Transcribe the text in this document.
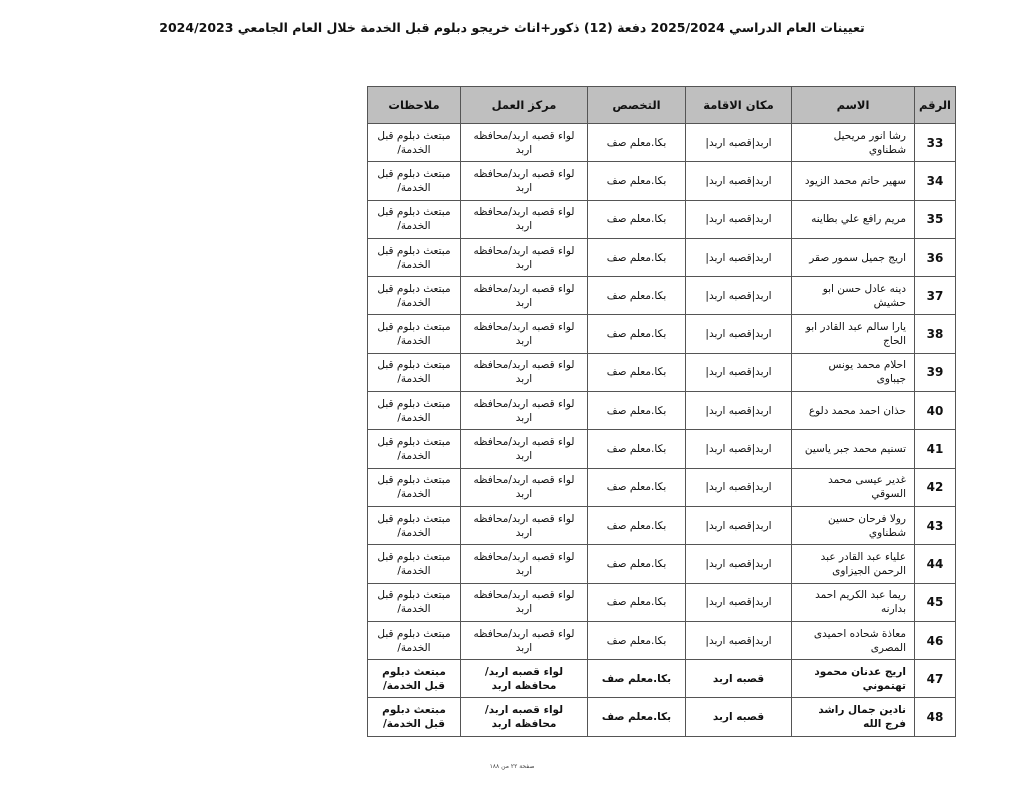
تعيينات العام الدراسي 2025/2024 دفعة (12) ذكور+اناث خريجو دبلوم قبل الخدمة خلال العام الجامعي 2024/2023
الرقم	الاسم	مكان الاقامة	التخصص	مركز العمل	ملاحظات
33	رشا انور مريحيل شطناوي	اربد|قصبه اربد|	بكا.معلم صف	لواء قصبه اربد/محافظه اربد	مبتعث دبلوم قبل الخدمة/
34	سهير حاتم محمد الزيود	اربد|قصبه اربد|	بكا.معلم صف	لواء قصبه اربد/محافظه اربد	مبتعث دبلوم قبل الخدمة/
35	مريم رافع علي بطاينه	اربد|قصبه اربد|	بكا.معلم صف	لواء قصبه اربد/محافظه اربد	مبتعث دبلوم قبل الخدمة/
36	اريج جميل سمور صقر	اربد|قصبه اربد|	بكا.معلم صف	لواء قصبه اربد/محافظه اربد	مبتعث دبلوم قبل الخدمة/
37	دينه عادل حسن ابو حشيش	اربد|قصبه اربد|	بكا.معلم صف	لواء قصبه اربد/محافظه اربد	مبتعث دبلوم قبل الخدمة/
38	يارا سالم عبد القادر ابو الحاج	اربد|قصبه اربد|	بكا.معلم صف	لواء قصبه اربد/محافظه اربد	مبتعث دبلوم قبل الخدمة/
39	احلام محمد يونس جيباوى	اربد|قصبه اربد|	بكا.معلم صف	لواء قصبه اربد/محافظه اربد	مبتعث دبلوم قبل الخدمة/
40	حذان احمد محمد دلوع	اربد|قصبه اربد|	بكا.معلم صف	لواء قصبه اربد/محافظه اربد	مبتعث دبلوم قبل الخدمة/
41	تسنيم محمد جبر ياسين	اربد|قصبه اربد|	بكا.معلم صف	لواء قصبه اربد/محافظه اربد	مبتعث دبلوم قبل الخدمة/
42	غدير عيسى محمد السوقي	اربد|قصبه اربد|	بكا.معلم صف	لواء قصبه اربد/محافظه اربد	مبتعث دبلوم قبل الخدمة/
43	رولا فرحان حسين شطناوي	اربد|قصبه اربد|	بكا.معلم صف	لواء قصبه اربد/محافظه اربد	مبتعث دبلوم قبل الخدمة/
44	علياء عبد القادر عبد الرحمن الجيزاوى	اربد|قصبه اربد|	بكا.معلم صف	لواء قصبه اربد/محافظه اربد	مبتعث دبلوم قبل الخدمة/
45	ريما عبد الكريم احمد بدارنه	اربد|قصبه اربد|	بكا.معلم صف	لواء قصبه اربد/محافظه اربد	مبتعث دبلوم قبل الخدمة/
46	معاذة شحاده احميدى المصرى	اربد|قصبه اربد|	بكا.معلم صف	لواء قصبه اربد/محافظه اربد	مبتعث دبلوم قبل الخدمة/
47	اريج عدنان محمود تهتموني	قصبه اربد	بكا.معلم صف	لواء قصبه اربد/محافظه اربد	مبتعث دبلوم قبل الخدمة/
48	نادين جمال راشد فرج الله	قصبه اربد	بكا.معلم صف	لواء قصبه اربد/محافظه اربد	مبتعث دبلوم قبل الخدمة/
صفحة ٢٢ من ١٨٨
